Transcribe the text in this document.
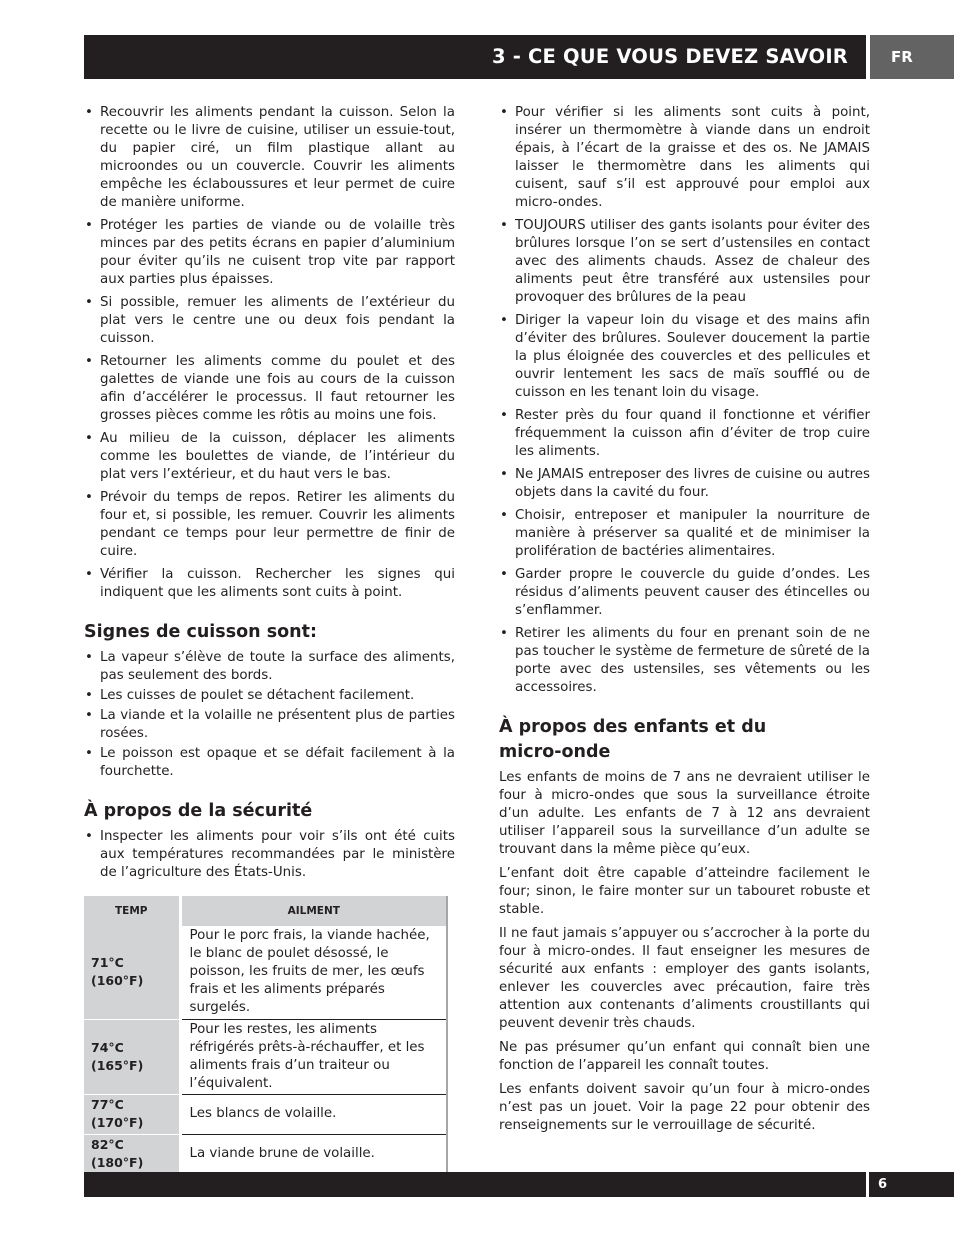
3 - CE QUE VOUS DEVEZ SAVOIR	FR
• Recouvrir les aliments pendant la cuisson. Selon la recette ou le livre de cuisine, utiliser un essuie-tout, du papier ciré, un film plastique allant au microondes ou un couvercle. Couvrir les aliments empêche les éclaboussures et leur permet de cuire de manière uniforme.
• Protéger les parties de viande ou de volaille très minces par des petits écrans en papier d’aluminium pour éviter qu’ils ne cuisent trop vite par rapport aux parties plus épaisses.
• Si possible, remuer les aliments de l’extérieur du plat vers le centre une ou deux fois pendant la cuisson.
• Retourner les aliments comme du poulet et des galettes de viande une fois au cours de la cuisson afin d’accélérer le processus. Il faut retourner les grosses pièces comme les rôtis au moins une fois.
• Au milieu de la cuisson, déplacer les aliments comme les boulettes de viande, de l’intérieur du plat vers l’extérieur, et du haut vers le bas.
• Prévoir du temps de repos. Retirer les aliments du four et, si possible, les remuer. Couvrir les aliments pendant ce temps pour leur permettre de finir de cuire.
• Vérifier la cuisson. Rechercher les signes qui indiquent que les aliments sont cuits à point.
Signes de cuisson sont:
• La vapeur s’élève de toute la surface des aliments, pas seulement des bords.
• Les cuisses de poulet se détachent facilement.
• La viande et la volaille ne présentent plus de parties rosées.
• Le poisson est opaque et se défait facilement à la fourchette.
À propos de la sécurité
• Inspecter les aliments pour voir s’ils ont été cuits aux températures recommandées par le ministère de l’agriculture des États-Unis.
TEMP	AILMENT
71°C (160°F)	Pour le porc frais, la viande hachée, le blanc de poulet désossé, le poisson, les fruits de mer, les œufs frais et les aliments préparés surgelés.
74°C (165°F)	Pour les restes, les aliments réfrigérés prêts-à-réchauffer, et les aliments frais d’un traiteur ou l’équivalent.
77°C (170°F)	Les blancs de volaille.
82°C (180°F)	La viande brune de volaille.
• Pour vérifier si les aliments sont cuits à point, insérer un thermomètre à viande dans un endroit épais, à l’écart de la graisse et des os. Ne JAMAIS laisser le thermomètre dans les aliments qui cuisent, sauf s’il est approuvé pour emploi aux micro-ondes.
• TOUJOURS utiliser des gants isolants pour éviter des brûlures lorsque l’on se sert d’ustensiles en contact avec des aliments chauds. Assez de chaleur des aliments peut être transféré aux ustensiles pour provoquer des brûlures de la peau
• Diriger la vapeur loin du visage et des mains afin d’éviter des brûlures. Soulever doucement la partie la plus éloignée des couvercles et des pellicules et ouvrir lentement les sacs de maïs soufflé ou de cuisson en les tenant loin du visage.
• Rester près du four quand il fonctionne et vérifier fréquemment la cuisson afin d’éviter de trop cuire les aliments.
• Ne JAMAIS entreposer des livres de cuisine ou autres objets dans la cavité du four.
• Choisir, entreposer et manipuler la nourriture de manière à préserver sa qualité et de minimiser la prolifération de bactéries alimentaires.
• Garder propre le couvercle du guide d’ondes. Les résidus d’aliments peuvent causer des étincelles ou s’enflammer.
• Retirer les aliments du four en prenant soin de ne pas toucher le système de fermeture de sûreté de la porte avec des ustensiles, ses vêtements ou les accessoires.
À propos des enfants et du
micro-onde

Les enfants de moins de 7 ans ne devraient utiliser le four à micro-ondes que sous la surveillance étroite d’un adulte. Les enfants de 7 à 12 ans devraient utiliser l’appareil sous la surveillance d’un adulte se trouvant dans la même pièce qu’eux.

L’enfant doit être capable d’atteindre facilement le four; sinon, le faire monter sur un tabouret robuste et stable.

Il ne faut jamais s’appuyer ou s’accrocher à la porte du four à micro-ondes. Il faut enseigner les mesures de sécurité aux enfants : employer des gants isolants, enlever les couvercles avec précaution, faire très attention aux contenants d’aliments croustillants qui peuvent devenir très chauds.

Ne pas présumer qu’un enfant qui connaît bien une fonction de l’appareil les connaît toutes.

Les enfants doivent savoir qu’un four à micro-ondes n’est pas un jouet. Voir la page 22 pour obtenir des renseignements sur le verrouillage de sécurité.

6
